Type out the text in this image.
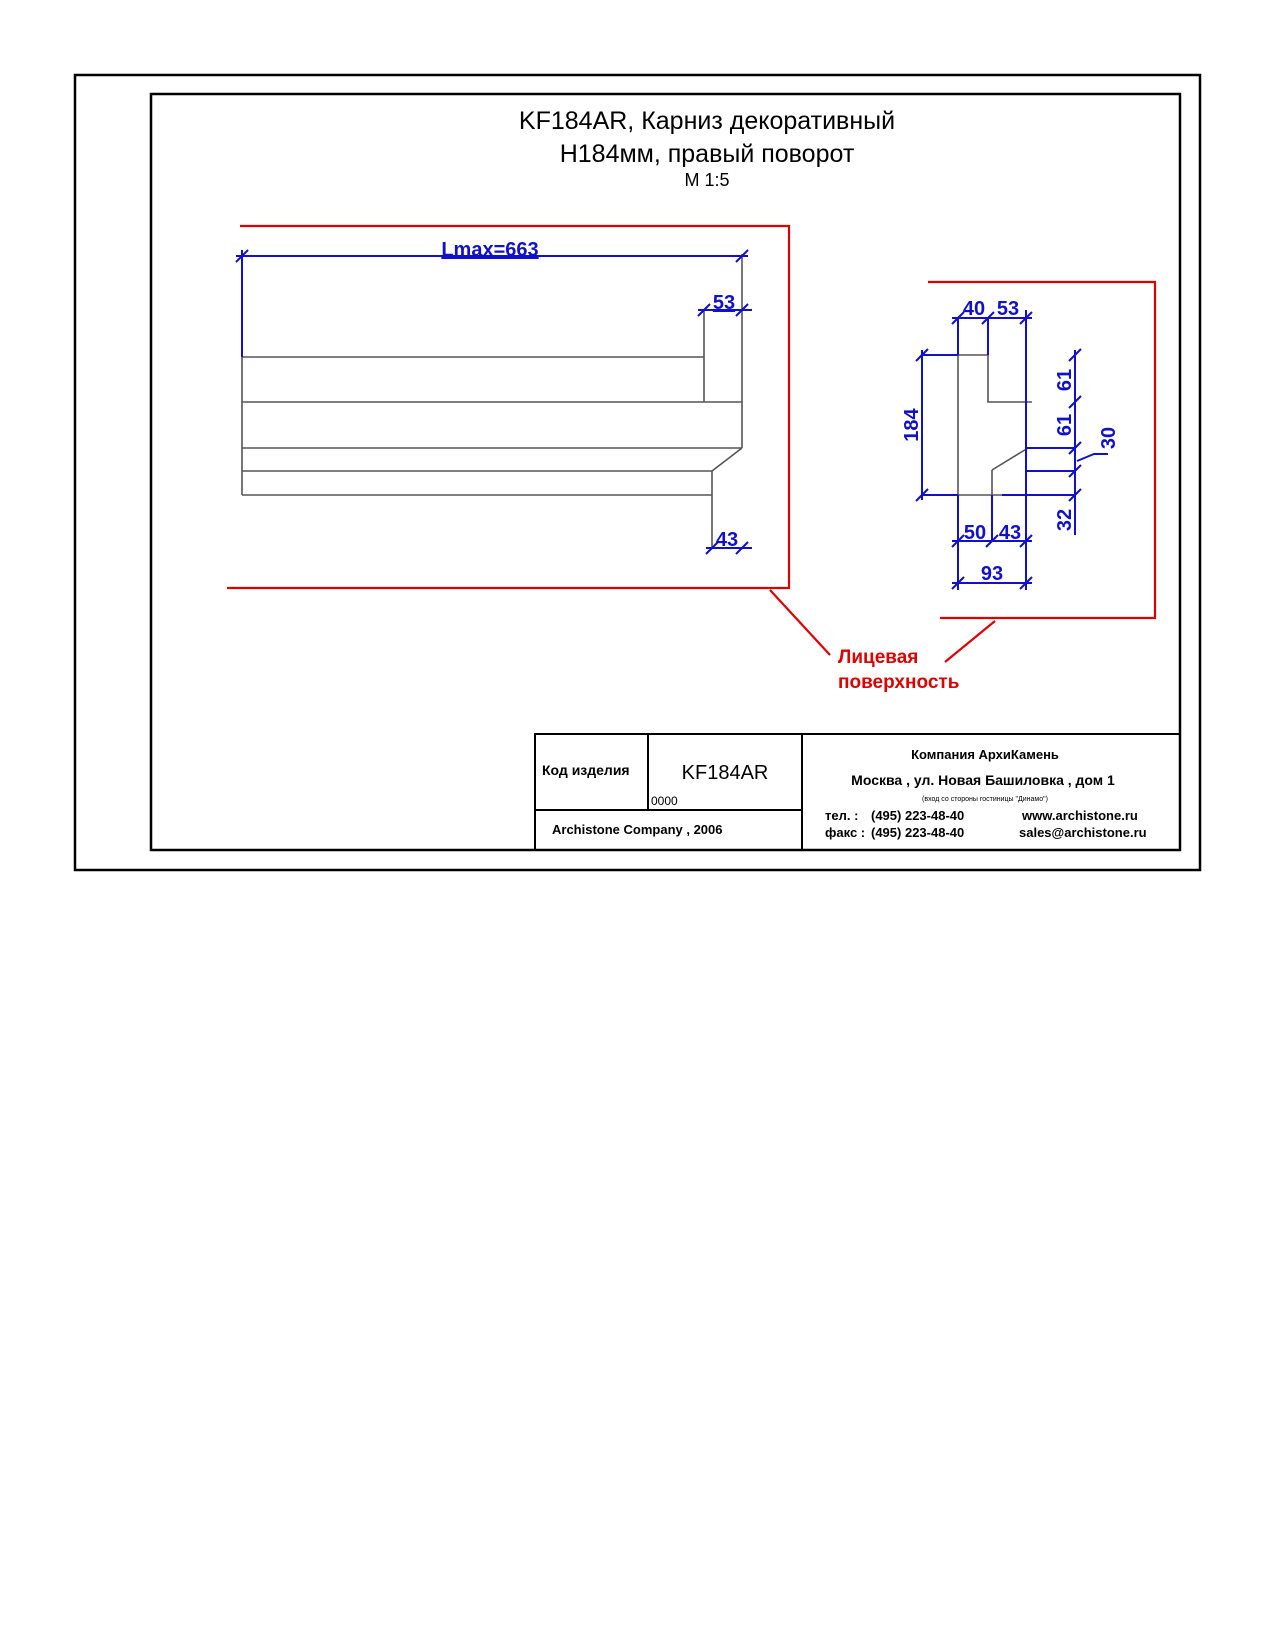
KF184AR, Карниз декоративный
H184мм, правый поворот
М 1:5
Lmax=663
53
43
40 53
184
61
61
30
32
50 43
93
Лицевая
поверхность
Код изделия	KF184AR
0000
Archistone Company , 2006
Компания АрхиКамень
Москва , ул. Новая Башиловка , дом 1
(вход со стороны гостиницы "Динамо")
тел. : (495) 223-48-40
факс : (495) 223-48-40
www.archistone.ru
sales@archistone.ru
